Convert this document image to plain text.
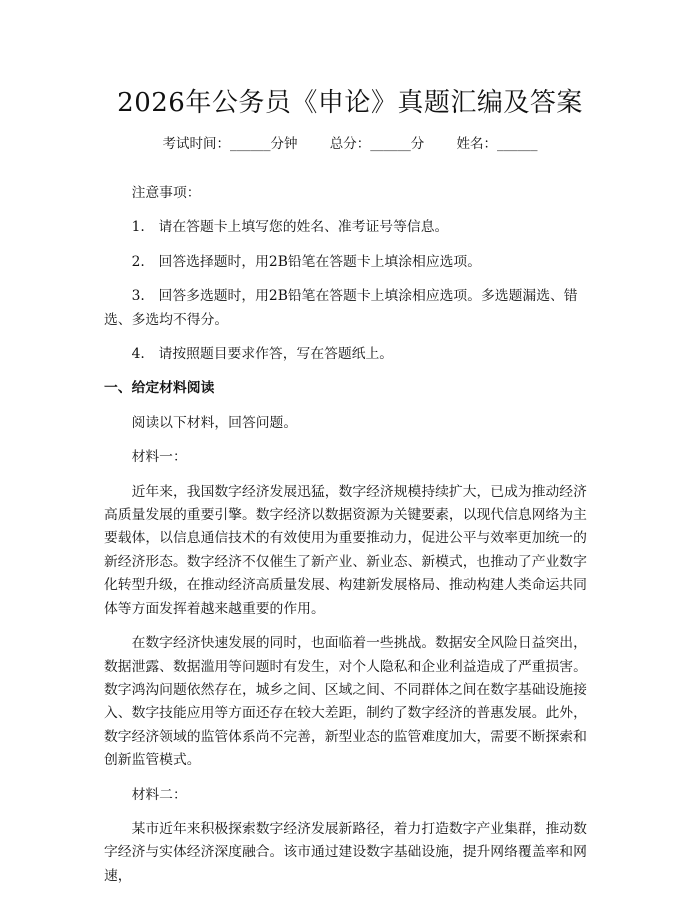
2026年公务员《申论》真题汇编及答案
考试时间：______分钟 总分：______分 姓名：______

注意事项：

1.　请在答题卡上填写您的姓名、准考证号等信息。

2.　回答选择题时，用2B铅笔在答题卡上填涂相应选项。

3.　回答多选题时，用2B铅笔在答题卡上填涂相应选项。多选题漏选、错选、多选均不得分。

4.　请按照题目要求作答，写在答题纸上。

一、给定材料阅读

阅读以下材料，回答问题。

材料一：

近年来，我国数字经济发展迅猛，数字经济规模持续扩大，已成为推动经济高质量发展的重要引擎。数字经济以数据资源为关键要素，以现代信息网络为主要载体，以信息通信技术的有效使用为重要推动力，促进公平与效率更加统一的新经济形态。数字经济不仅催生了新产业、新业态、新模式，也推动了产业数字化转型升级，在推动经济高质量发展、构建新发展格局、推动构建人类命运共同体等方面发挥着越来越重要的作用。

在数字经济快速发展的同时，也面临着一些挑战。数据安全风险日益突出，数据泄露、数据滥用等问题时有发生，对个人隐私和企业利益造成了严重损害。数字鸿沟问题依然存在，城乡之间、区域之间、不同群体之间在数字基础设施接入、数字技能应用等方面还存在较大差距，制约了数字经济的普惠发展。此外，数字经济领域的监管体系尚不完善，新型业态的监管难度加大，需要不断探索和创新监管模式。

材料二：

某市近年来积极探索数字经济发展新路径，着力打造数字产业集群，推动数字经济与实体经济深度融合。该市通过建设数字基础设施，提升网络覆盖率和网速，
